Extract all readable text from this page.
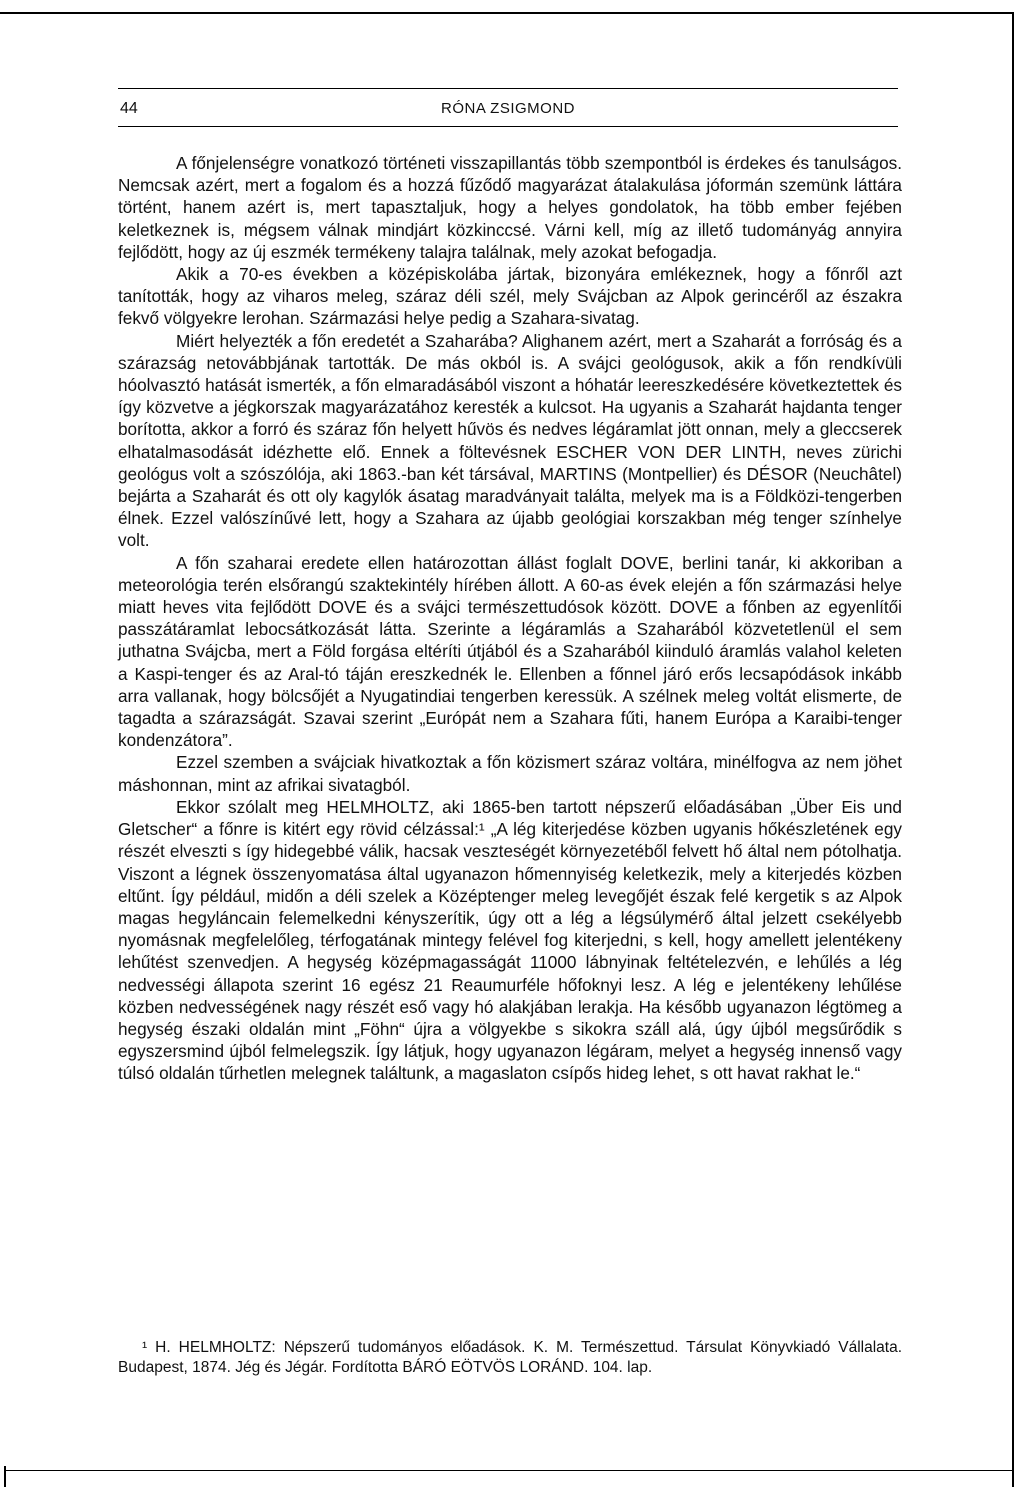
44	RÓNA ZSIGMOND

A főnjelenségre vonatkozó történeti visszapillantás több szempontból is érdekes és tanulságos. Nemcsak azért, mert a fogalom és a hozzá fűződő magyarázat átalakulása jóformán szemünk láttára történt, hanem azért is, mert tapasztaljuk, hogy a helyes gondolatok, ha több ember fejében keletkeznek is, mégsem válnak mindjárt közkinccsé. Várni kell, míg az illető tudományág annyira fejlődött, hogy az új eszmék termékeny talajra találnak, mely azokat befogadja.

Akik a 70-es években a középiskolába jártak, bizonyára emlékeznek, hogy a főnről azt tanították, hogy az viharos meleg, száraz déli szél, mely Svájcban az Alpok gerincéről az északra fekvő völgyekre lerohan. Származási helye pedig a Szahara-sivatag.

Miért helyezték a főn eredetét a Szaharába? Alighanem azért, mert a Szaharát a forróság és a szárazság netovábbjának tartották. De más okból is. A svájci geológusok, akik a főn rendkívüli hóolvasztó hatását ismerték, a főn elmaradásából viszont a hóhatár leereszkedésére következtettek és így közvetve a jégkorszak magyarázatához keresték a kulcsot. Ha ugyanis a Szaharát hajdanta tenger borította, akkor a forró és száraz főn helyett hűvös és nedves légáramlat jött onnan, mely a gleccserek elhatalmasodását idézhette elő. Ennek a föltevésnek ESCHER VON DER LINTH, neves zürichi geológus volt a szószólója, aki 1863.-ban két társával, MARTINS (Montpellier) és DÉSOR (Neuchâtel) bejárta a Szaharát és ott oly kagylók ásatag maradványait találta, melyek ma is a Földközi-tengerben élnek. Ezzel valószínűvé lett, hogy a Szahara az újabb geológiai korszakban még tenger színhelye volt.

A főn szaharai eredete ellen határozottan állást foglalt DOVE, berlini tanár, ki akkoriban a meteorológia terén elsőrangú szaktekintély hírében állott. A 60-as évek elején a főn származási helye miatt heves vita fejlődött DOVE és a svájci természettudósok között. DOVE a főnben az egyenlítői passzátáramlat lebocsátkozását látta. Szerinte a légáramlás a Szaharából közvetetlenül el sem juthatna Svájcba, mert a Föld forgása eltéríti útjából és a Szaharából kiinduló áramlás valahol keleten a Kaspi-tenger és az Aral-tó táján ereszkednék le. Ellenben a főnnel járó erős lecsapódások inkább arra vallanak, hogy bölcsőjét a Nyugatindiai tengerben keressük. A szélnek meleg voltát elismerte, de tagadta a szárazságát. Szavai szerint „Európát nem a Szahara fűti, hanem Európa a Karaibi-tenger kondenzátora”.

Ezzel szemben a svájciak hivatkoztak a főn közismert száraz voltára, minélfogva az nem jöhet máshonnan, mint az afrikai sivatagból.

Ekkor szólalt meg HELMHOLTZ, aki 1865-ben tartott népszerű előadásában „Über Eis und Gletscher“ a főnre is kitért egy rövid célzással:¹ „A lég kiterjedése közben ugyanis hőkészletének egy részét elveszti s így hidegebbé válik, hacsak veszteségét környezetéből felvett hő által nem pótolhatja. Viszont a légnek összenyomatása által ugyanazon hőmennyiség keletkezik, mely a kiterjedés közben eltűnt. Így például, midőn a déli szelek a Középtenger meleg levegőjét észak felé kergetik s az Alpok magas hegyláncain felemelkedni kényszerítik, úgy ott a lég a légsúlymérő által jelzett csekélyebb nyomásnak megfelelőleg, térfogatának mintegy felével fog kiterjedni, s kell, hogy amellett jelentékeny lehűtést szenvedjen. A hegység középmagasságát 11000 lábnyinak feltételezvén, e lehűlés a lég nedvességi állapota szerint 16 egész 21 Reaumurféle hőfoknyi lesz. A lég e jelentékeny lehűlése közben nedvességének nagy részét eső vagy hó alakjában lerakja. Ha később ugyanazon légtömeg a hegység északi oldalán mint „Föhn“ újra a völgyekbe s sikokra száll alá, úgy újból megsűrődik s egyszersmind újból felmelegszik. Így látjuk, hogy ugyanazon légáram, melyet a hegység innenső vagy túlsó oldalán tűrhetlen melegnek találtunk, a magaslaton csípős hideg lehet, s ott havat rakhat le.“

¹ H. HELMHOLTZ: Népszerű tudományos előadások. K. M. Természettud. Társulat Könyvkiadó Vállalata. Budapest, 1874. Jég és Jégár. Fordította BÁRÓ EÖTVÖS LORÁND. 104. lap.
